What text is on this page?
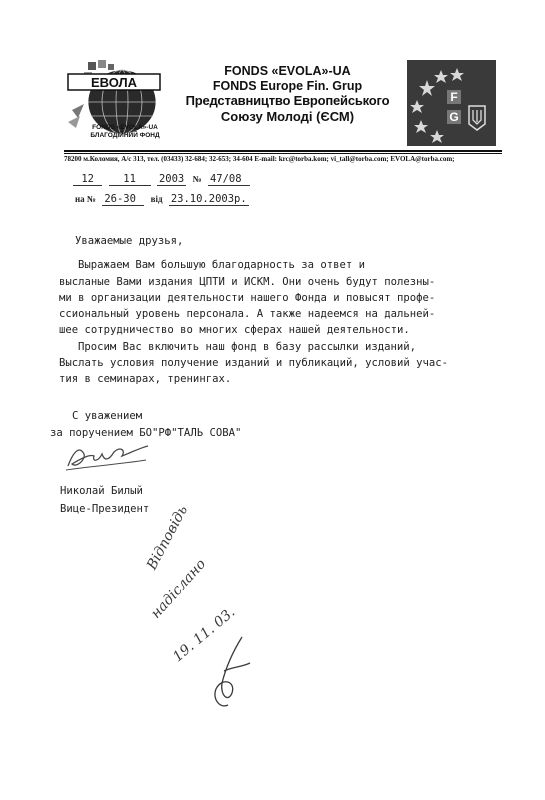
ЕВОЛА
FONDS «EVOLA»-UA
БЛАГОДІЙНИЙ ФОНД
FONDS «EVOLA»-UA
FONDS Europe Fin. Grup
Представництво Европейського
Союзу Молоді (ЄСМ)
F
G
78200 м.Коломия, А/с 313, тел. (03433) 32-684; 32-653; 34-604 E-mail: krc@torba.kom; vi_tall@torba.com; EVOLA@torba.com;
12	11 2003 № 47/08
на № 26-30 від 23.10.2003р.
Уважаемые друзья,
Выражаем Вам большую благодарность за ответ и
высланые Вами издания ЦПТИ и ИСКМ. Они очень будут полезны-
ми в организации деятельности нашего Фонда и повысят профе-
ссиональный уровень персонала. А также надеемся на дальней-
шее сотрудничество во многих сферах нашей деятельности.
Просим Вас включить наш фонд в базу рассылки изданий,
Выслать условия получение изданий и публикаций, условий учас-
тия в семинарах, тренингах.
С уважением
за поручением БО"РФ"ТАЛЬ СОВА"
Николай Билый
Вице-Президент
Відповідь
надіслано
19. 11. 03.
